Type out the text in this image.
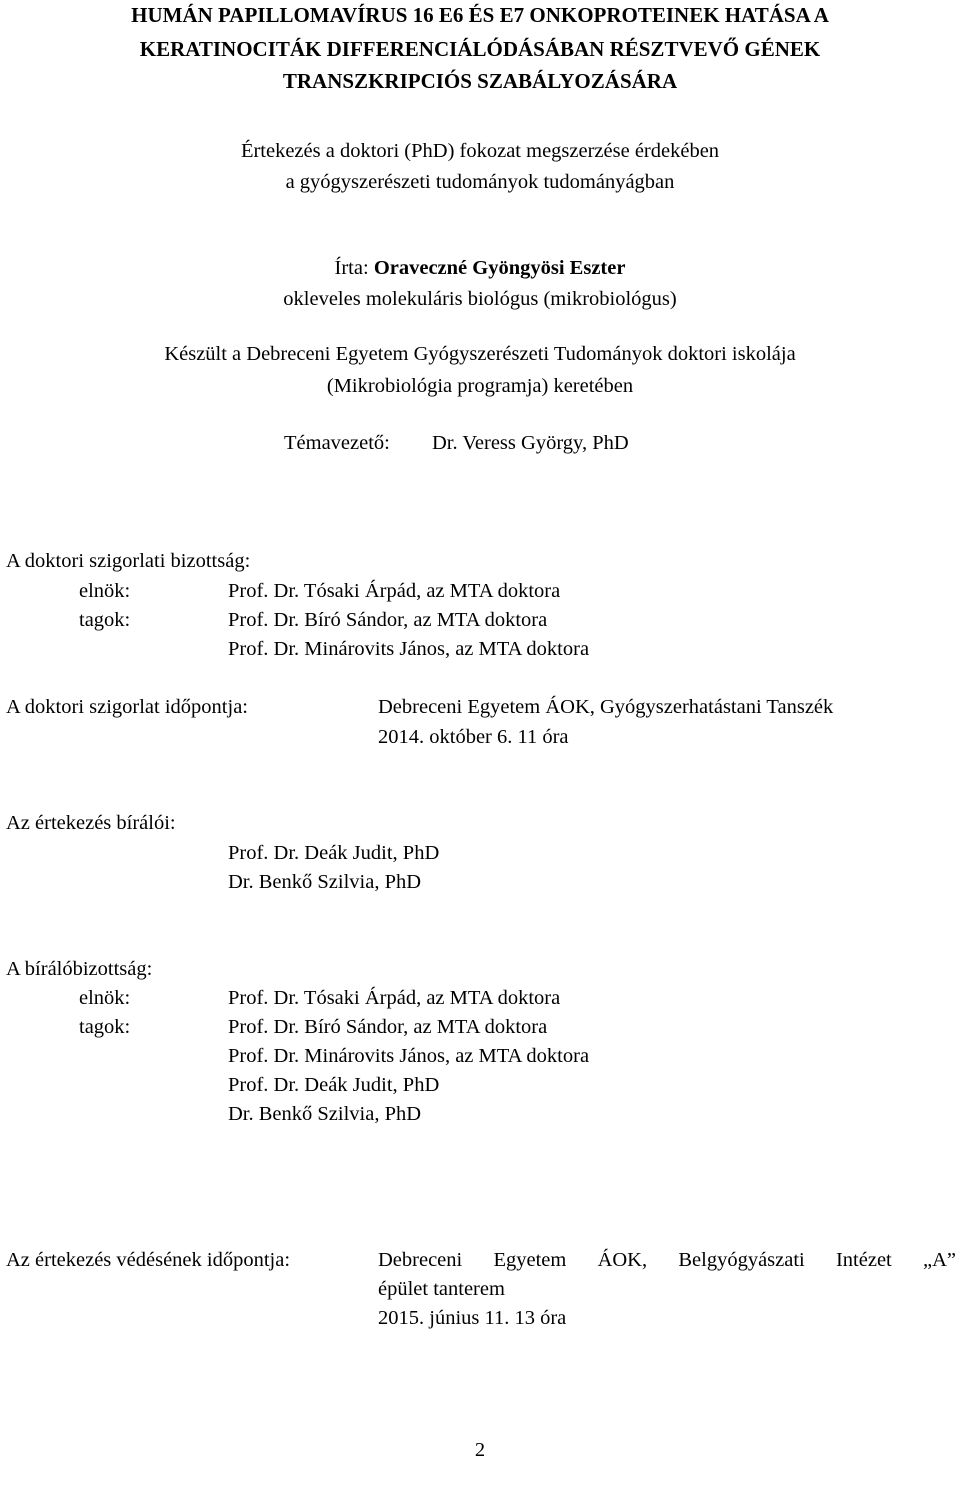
HUMÁN PAPILLOMAVÍRUS 16 E6 ÉS E7 ONKOPROTEINEK HATÁSA A
KERATINOCITÁK DIFFERENCIÁLÓDÁSÁBAN RÉSZTVEVŐ GÉNEK
TRANSZKRIPCIÓS SZABÁLYOZÁSÁRA
Értekezés a doktori (PhD) fokozat megszerzése érdekében
a gyógyszerészeti tudományok tudományágban
Írta: Oraveczné Gyöngyösi Eszter
okleveles molekuláris biológus (mikrobiológus)
Készült a Debreceni Egyetem Gyógyszerészeti Tudományok doktori iskolája
(Mikrobiológia programja) keretében
Témavezető: Dr. Veress György, PhD
A doktori szigorlati bizottság:
elnök:	Prof. Dr. Tósaki Árpád, az MTA doktora
tagok:	Prof. Dr. Bíró Sándor, az MTA doktora
Prof. Dr. Minárovits János, az MTA doktora
A doktori szigorlat időpontja:	Debreceni Egyetem ÁOK, Gyógyszerhatástani Tanszék
2014. október 6. 11 óra
Az értekezés bírálói:
Prof. Dr. Deák Judit, PhD
Dr. Benkő Szilvia, PhD
A bírálóbizottság:
elnök:	Prof. Dr. Tósaki Árpád, az MTA doktora
tagok:	Prof. Dr. Bíró Sándor, az MTA doktora
Prof. Dr. Minárovits János, az MTA doktora
Prof. Dr. Deák Judit, PhD
Dr. Benkő Szilvia, PhD
Az értekezés védésének időpontja:	Debreceni Egyetem ÁOK, Belgyógyászati Intézet „A”
épület tanterem
2015. június 11. 13 óra
2
